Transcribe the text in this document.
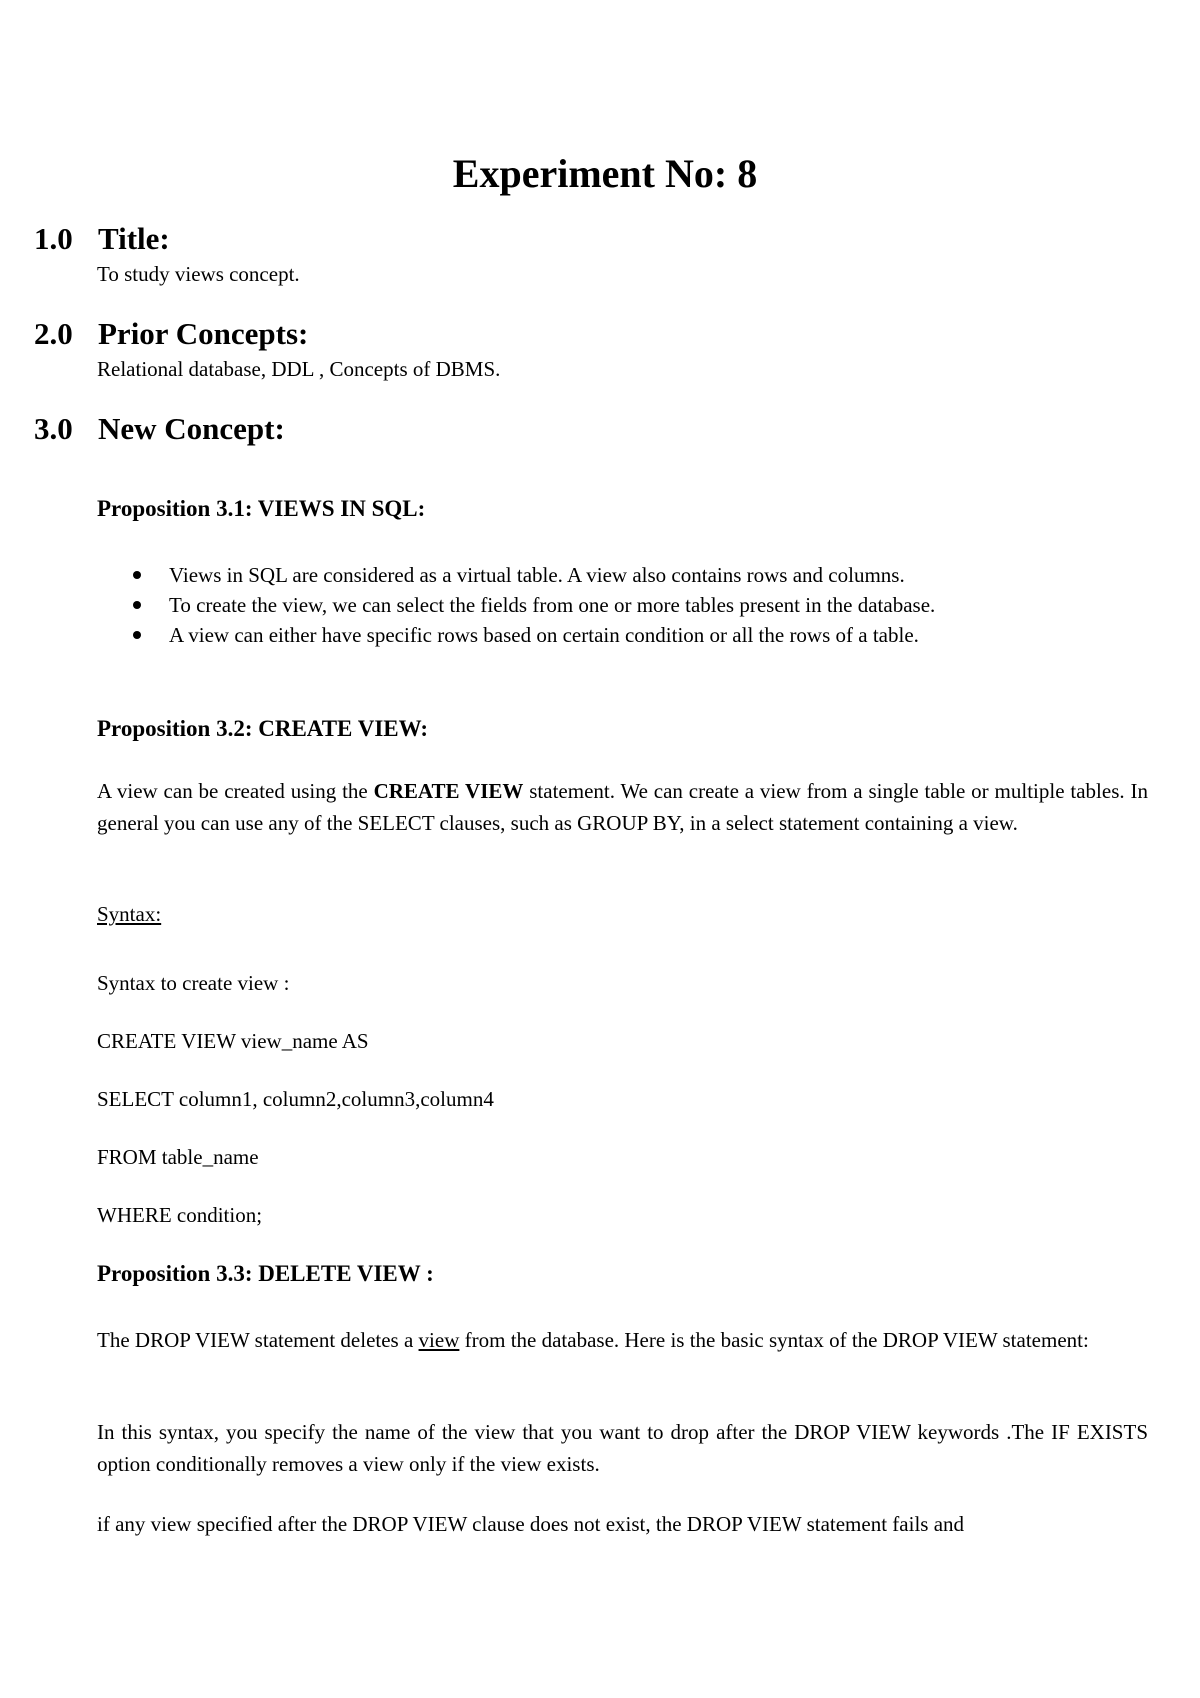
Experiment No: 8
1.0 Title:
To study views concept.
2.0 Prior Concepts:
Relational database, DDL , Concepts of DBMS.
3.0 New Concept:
Proposition 3.1: VIEWS IN SQL:
Views in SQL are considered as a virtual table. A view also contains rows and columns.
To create the view, we can select the fields from one or more tables present in the database.
A view can either have specific rows based on certain condition or all the rows of a table.
Proposition 3.2: CREATE VIEW:
A view can be created using the CREATE VIEW statement. We can create a view from a single table or multiple tables. In general you can use any of the SELECT clauses, such as GROUP BY, in a select statement containing a view.
Syntax:
Syntax to create view :
CREATE VIEW view_name AS
SELECT column1, column2,column3,column4
FROM table_name
WHERE condition;
Proposition 3.3: DELETE VIEW :
The DROP VIEW statement deletes a view from the database. Here is the basic syntax of the DROP VIEW statement:
In this syntax, you specify the name of the view that you want to drop after the DROP VIEW keywords .The IF EXISTS option conditionally removes a view only if the view exists.
if any view specified after the DROP VIEW clause does not exist, the DROP VIEW statement fails and
